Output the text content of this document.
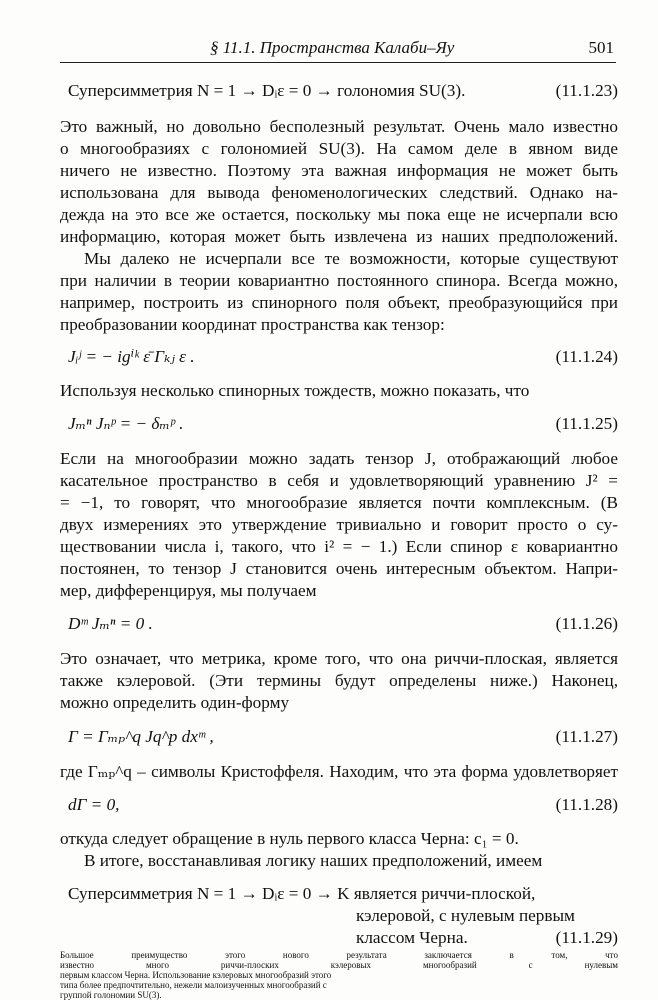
§ 11.1. Пространства Калаби–Яу	501
Суперсимметрия N = 1 → Dᵢε = 0 → голономия SU(3).	(11.1.23)
Это важный, но довольно бесполезный результат. Очень мало известно
о многообразиях с голономией SU(3). На самом деле в явном виде
ничего не известно. Поэтому эта важная информация не может быть
использована для вывода феноменологических следствий. Однако на-
дежда на это все же остается, поскольку мы пока еще не исчерпали всю
информацию, которая может быть извлечена из наших предположений.
Мы далеко не исчерпали все те возможности, которые существуют
при наличии в теории ковариантно постоянного спинора. Всегда можно,
например, построить из спинорного поля объект, преобразующийся при
преобразовании координат пространства как тензор:
Jᵢʲ = − igⁱᵏ ε̄ Γₖⱼ ε .	(11.1.24)
Используя несколько спинорных тождеств, можно показать, что
Jₘⁿ Jₙᵖ = − δₘᵖ .	(11.1.25)
Если на многообразии можно задать тензор J, отображающий любое
касательное пространство в себя и удовлетворяющий уравнению J² =
= −1, то говорят, что многообразие является почти комплексным. (В
двух измерениях это утверждение тривиально и говорит просто о су-
ществовании числа i, такого, что i² = − 1.) Если спинор ε ковариантно
постоянен, то тензор J становится очень интересным объектом. Напри-
мер, дифференцируя, мы получаем
Dᵐ Jₘⁿ = 0 .	(11.1.26)
Это означает, что метрика, кроме того, что она риччи-плоская, является
также кэлеровой. (Эти термины будут определены ниже.) Наконец,
можно определить один-форму
Γ = Γₘₚ^q Jq^p dxᵐ ,	(11.1.27)
где Γₘₚ^q – символы Кристоффеля. Находим, что эта форма удовлетворяет
dΓ = 0,	(11.1.28)
откуда следует обращение в нуль первого класса Черна: c₁ = 0.
В итоге, восстанавливая логику наших предположений, имеем
Суперсимметрия N = 1 → Dᵢε = 0 → K является риччи-плоской,
кэлеровой, с нулевым первым
классом Черна.	(11.1.29)
Большое преимущество этого нового результата заключается в том, что
известно много риччи-плоских кэлеровых многообразий с нулевым
первым классом Черна. Использование кэлеровых многообразий этого
типа более предпочтительно, нежели малоизученных многообразий с
группой голономии SU(3).
